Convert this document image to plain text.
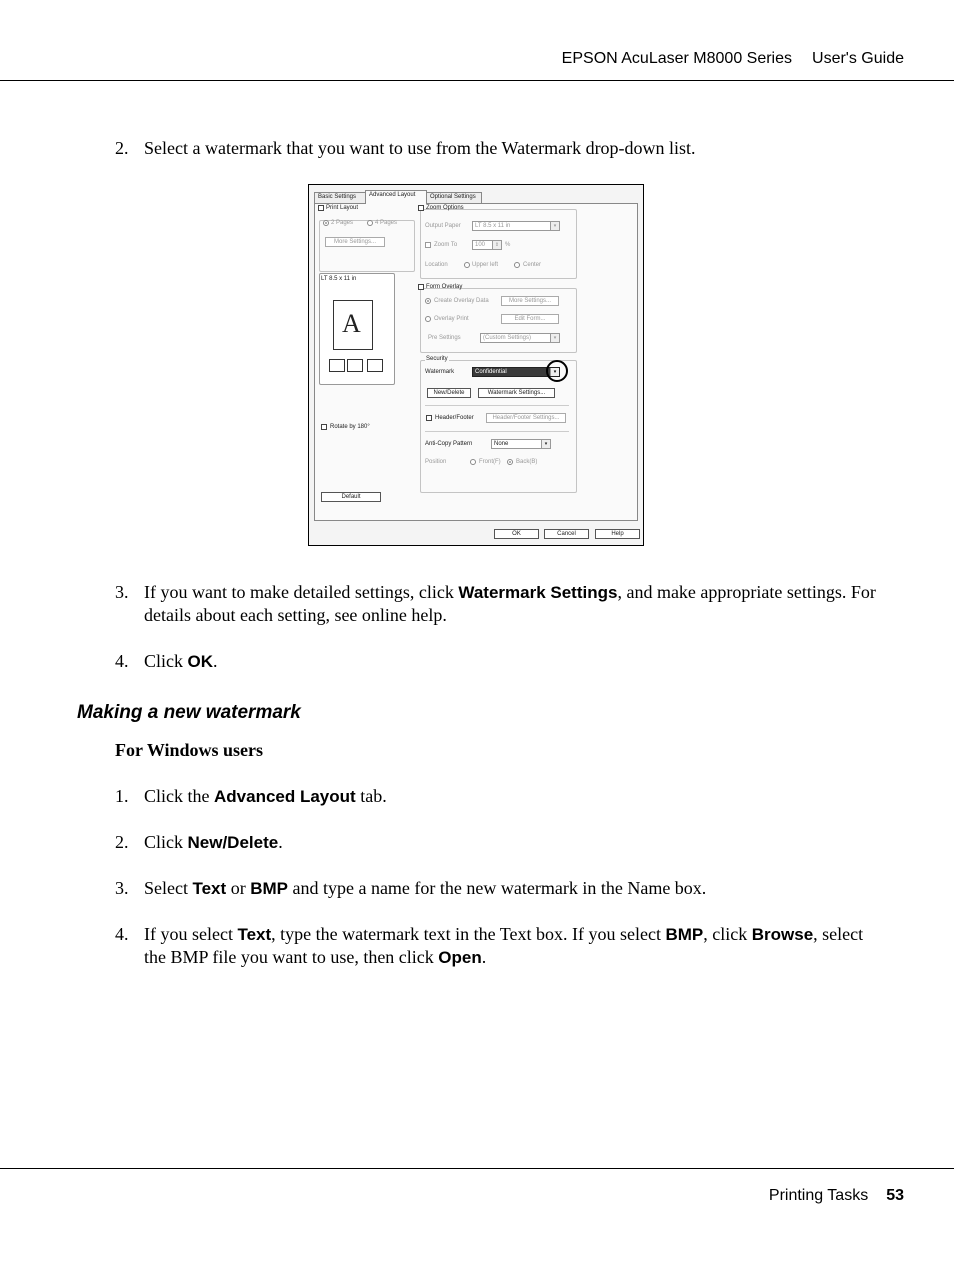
EPSON AcuLaser M8000 Series User's Guide
2. Select a watermark that you want to use from the Watermark drop-down list.
Basic Settings	Advanced Layout	Optional Settings
Print Layout
2 Pages	4 Pages
More Settings...
LT 8.5 x 11 in
A
Rotate by 180°
Default
Zoom Options
Output Paper	LT 8.5 x 11 in	▾
Zoom To	100	⇕ %
Location	Upper left	Center
Form Overlay
Create Overlay Data	More Settings...
Overlay Print	Edit Form...
Pre Settings	(Custom Settings)	▾
Security
Watermark	Confidential	▾
New/Delete	Watermark Settings...
Header/Footer	Header/Footer Settings...
Anti-Copy Pattern	None	▾
Position	Front(F)	Back(B)
OK	Cancel	Help
3. If you want to make detailed settings, click Watermark Settings, and make appropriate settings. For details about each setting, see online help.
4. Click OK.
Making a new watermark
For Windows users
1. Click the Advanced Layout tab.
2. Click New/Delete.
3. Select Text or BMP and type a name for the new watermark in the Name box.
4. If you select Text, type the watermark text in the Text box. If you select BMP, click Browse, select the BMP file you want to use, then click Open.
Printing Tasks 53
